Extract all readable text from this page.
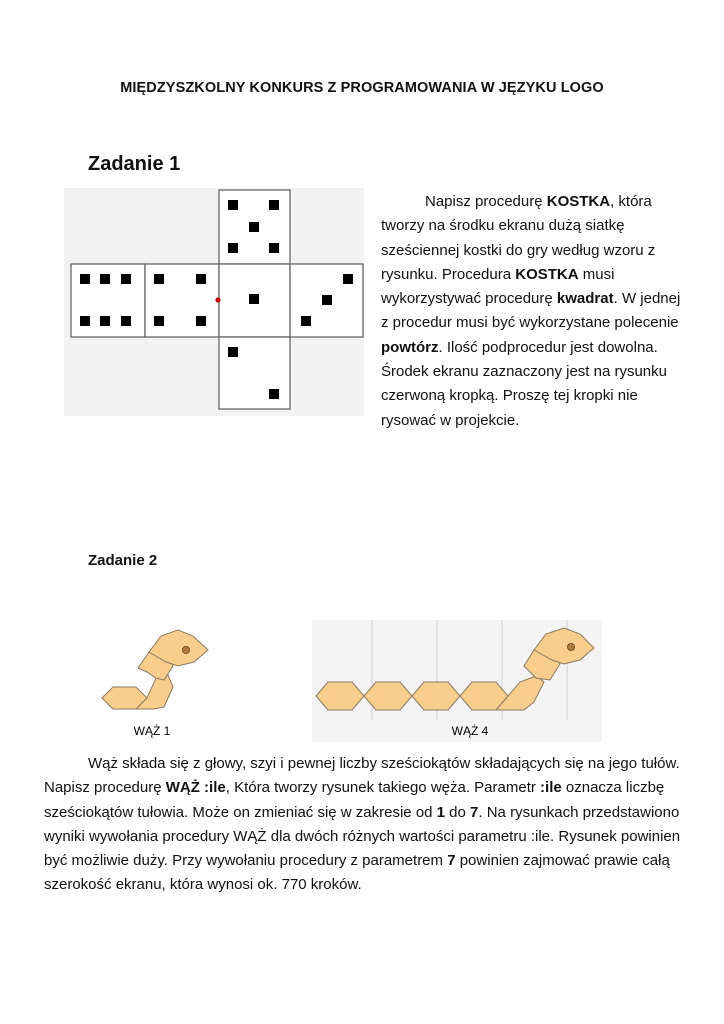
MIĘDZYSZKOLNY KONKURS Z PROGRAMOWANIA W JĘZYKU LOGO
Zadanie 1
Napisz procedurę KOSTKA, która tworzy na środku ekranu dużą siatkę sześciennej kostki do gry według wzoru z rysunku. Procedura KOSTKA musi wykorzystywać procedurę kwadrat. W jednej z procedur musi być wykorzystane polecenie powtórz. Ilość podprocedur jest dowolna. Środek ekranu zaznaczony jest na rysunku czerwoną kropką. Proszę tej kropki nie rysować w projekcie.
Zadanie 2
WĄŻ 1	WĄŻ 4
Wąż składa się z głowy, szyi i pewnej liczby sześciokątów składających się na jego tułów. Napisz procedurę WĄŻ :ile, Która tworzy rysunek takiego węża. Parametr :ile oznacza liczbę sześciokątów tułowia. Może on zmieniać się w zakresie od 1 do 7. Na rysunkach przedstawiono wyniki wywołania procedury WĄŻ dla dwóch różnych wartości parametru :ile. Rysunek powinien być możliwie duży. Przy wywołaniu procedury z parametrem 7 powinien zajmować prawie całą szerokość ekranu, która wynosi ok. 770 kroków.
